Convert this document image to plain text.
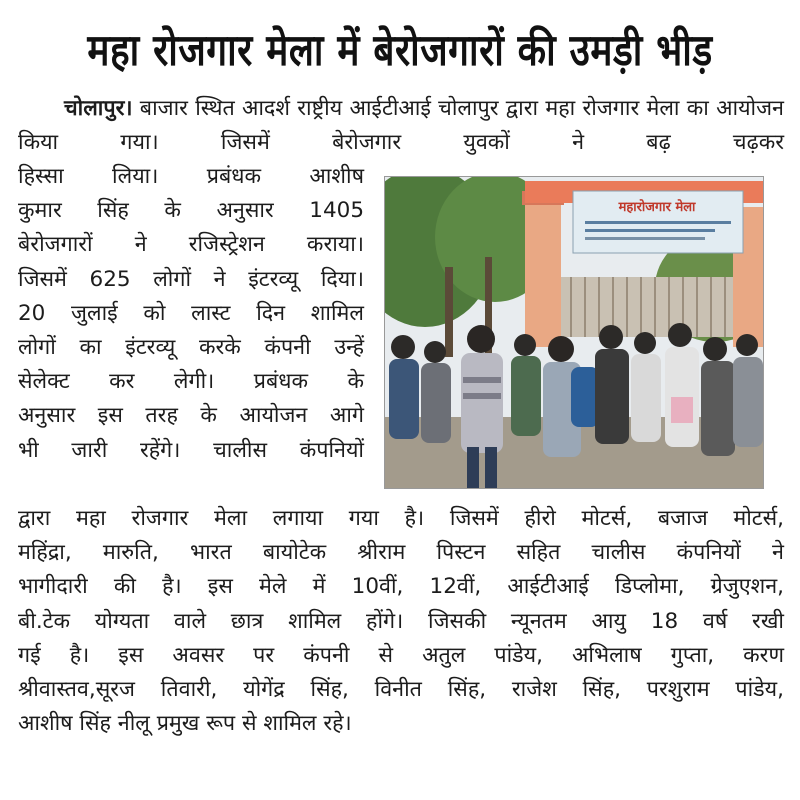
महा रोजगार मेला में बेरोजगारों की उमड़ी भीड़
चोलापुर। बाजार स्थित आदर्श राष्ट्रीय आईटीआई चोलापुर द्वारा महा रोजगार मेला का आयोजन किया गया। जिसमें बेरोजगार युवकों ने बढ़ चढ़कर
हिस्सा लिया। प्रबंधक आशीष
कुमार सिंह के अनुसार 1405
बेरोजगारों ने रजिस्ट्रेशन कराया।
जिसमें 625 लोगों ने इंटरव्यू दिया।
20 जुलाई को लास्ट दिन शामिल
लोगों का इंटरव्यू करके कंपनी उन्हें
सेलेक्ट कर लेगी। प्रबंधक के
अनुसार इस तरह के आयोजन आगे
भी जारी रहेंगे। चालीस कंपनियों
महारोजगार मेला
द्वारा महा रोजगार मेला लगाया गया है। जिसमें हीरो मोटर्स, बजाज मोटर्स,
महिंद्रा, मारुति, भारत बायोटेक श्रीराम पिस्टन सहित चालीस कंपनियों ने
भागीदारी की है। इस मेले में 10वीं, 12वीं, आईटीआई डिप्लोमा, ग्रेजुएशन,
बी.टेक योग्यता वाले छात्र शामिल होंगे। जिसकी न्यूनतम आयु 18 वर्ष रखी
गई है। इस अवसर पर कंपनी से अतुल पांडेय, अभिलाष गुप्ता, करण
श्रीवास्तव,सूरज तिवारी, योगेंद्र सिंह, विनीत सिंह, राजेश सिंह, परशुराम पांडेय,
आशीष सिंह नीलू प्रमुख रूप से शामिल रहे।
